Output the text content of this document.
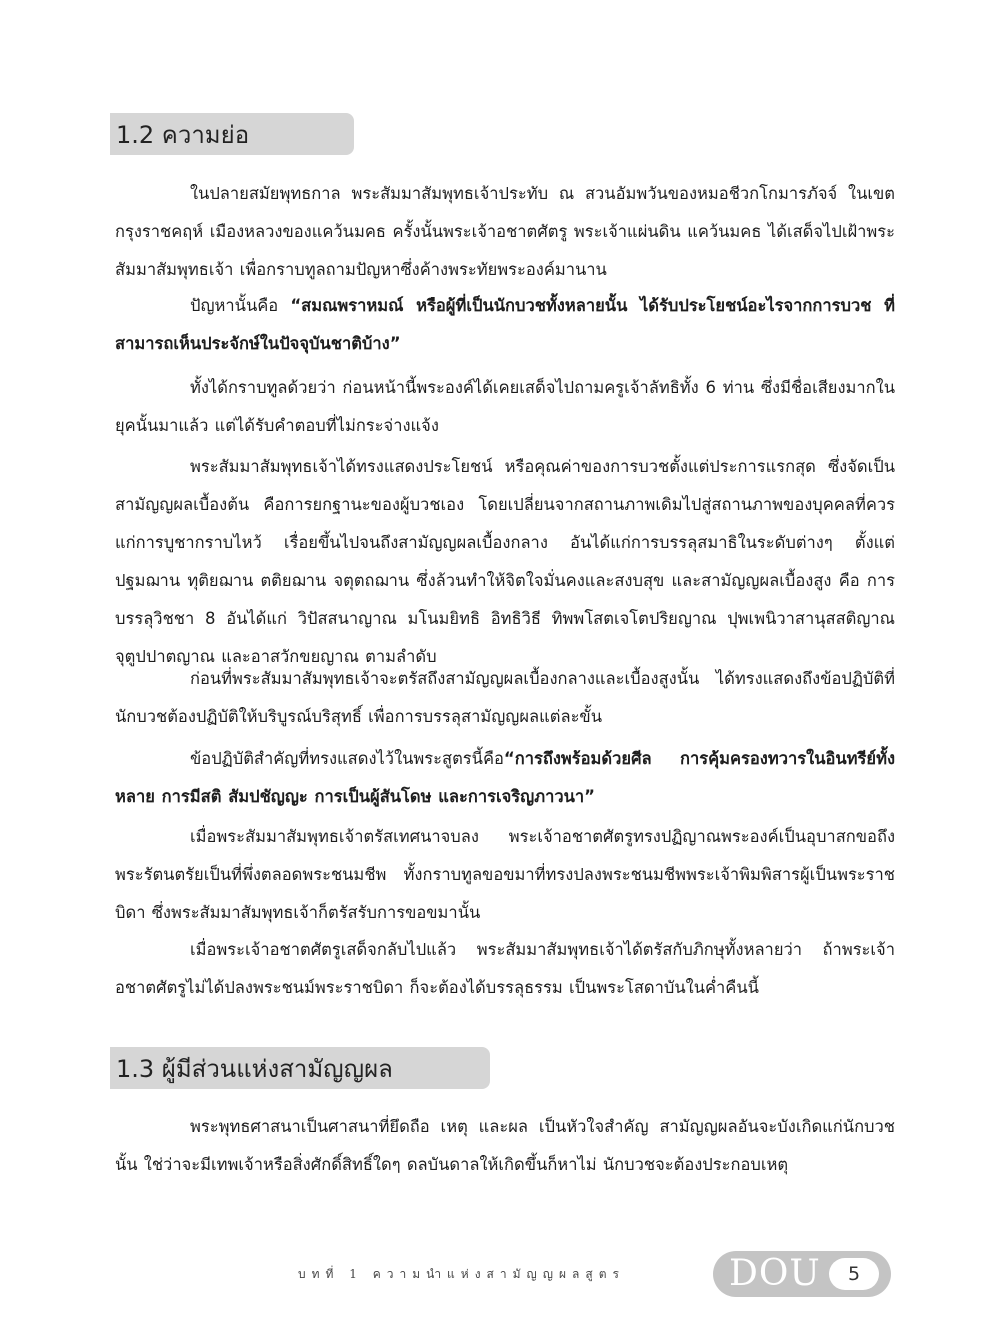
1.2 ความย่อ

ในปลายสมัยพุทธกาล พระสัมมาสัมพุทธเจ้าประทับ ณ สวนอัมพวันของหมอชีวกโกมารภัจจ์ ในเขตกรุงราชคฤห์ เมืองหลวงของแคว้นมคธ ครั้งนั้นพระเจ้าอชาตศัตรู พระเจ้าแผ่นดิน แคว้นมคธ ได้เสด็จไปเฝ้าพระสัมมาสัมพุทธเจ้า เพื่อกราบทูลถามปัญหาซึ่งค้างพระทัยพระองค์มานาน

ปัญหานั้นคือ “สมณพราหมณ์ หรือผู้ที่เป็นนักบวชทั้งหลายนั้น ได้รับประโยชน์อะไรจากการบวช ที่สามารถเห็นประจักษ์ในปัจจุบันชาติบ้าง”

ทั้งได้กราบทูลด้วยว่า ก่อนหน้านี้พระองค์ได้เคยเสด็จไปถามครูเจ้าลัทธิทั้ง 6 ท่าน ซึ่งมีชื่อเสียงมากในยุคนั้นมาแล้ว แต่ได้รับคำตอบที่ไม่กระจ่างแจ้ง

พระสัมมาสัมพุทธเจ้าได้ทรงแสดงประโยชน์ หรือคุณค่าของการบวชตั้งแต่ประการแรกสุด ซึ่งจัดเป็นสามัญญผลเบื้องต้น คือการยกฐานะของผู้บวชเอง โดยเปลี่ยนจากสถานภาพเดิมไปสู่สถานภาพของบุคคลที่ควรแก่การบูชากราบไหว้ เรื่อยขึ้นไปจนถึงสามัญญผลเบื้องกลาง อันได้แก่การบรรลุสมาธิในระดับต่างๆ ตั้งแต่ปฐมฌาน ทุติยฌาน ตติยฌาน จตุตถฌาน ซึ่งล้วนทำให้จิตใจมั่นคงและสงบสุข และสามัญญผลเบื้องสูง คือ การบรรลุวิชชา 8 อันได้แก่ วิปัสสนาญาณ มโนมยิทธิ อิทธิวิธี ทิพพโสตเจโตปริยญาณ ปุพเพนิวาสานุสสติญาณ จุตูปปาตญาณ และอาสวักขยญาณ ตามลำดับ

ก่อนที่พระสัมมาสัมพุทธเจ้าจะตรัสถึงสามัญญผลเบื้องกลางและเบื้องสูงนั้น ได้ทรงแสดงถึงข้อปฏิบัติที่นักบวชต้องปฏิบัติให้บริบูรณ์บริสุทธิ์ เพื่อการบรรลุสามัญญผลแต่ละขั้น

ข้อปฏิบัติสำคัญที่ทรงแสดงไว้ในพระสูตรนี้คือ“การถึงพร้อมด้วยศีล การคุ้มครองทวารในอินทรีย์ทั้งหลาย การมีสติ สัมปชัญญะ การเป็นผู้สันโดษ และการเจริญภาวนา”

เมื่อพระสัมมาสัมพุทธเจ้าตรัสเทศนาจบลง พระเจ้าอชาตศัตรูทรงปฏิญาณพระองค์เป็นอุบาสกขอถึงพระรัตนตรัยเป็นที่พึ่งตลอดพระชนมชีพ ทั้งกราบทูลขอขมาที่ทรงปลงพระชนมชีพพระเจ้าพิมพิสารผู้เป็นพระราชบิดา ซึ่งพระสัมมาสัมพุทธเจ้าก็ตรัสรับการขอขมานั้น

เมื่อพระเจ้าอชาตศัตรูเสด็จกลับไปแล้ว พระสัมมาสัมพุทธเจ้าได้ตรัสกับภิกษุทั้งหลายว่า ถ้าพระเจ้าอชาตศัตรูไม่ได้ปลงพระชนม์พระราชบิดา ก็จะต้องได้บรรลุธรรม เป็นพระโสดาบันในค่ำคืนนี้

1.3 ผู้มีส่วนแห่งสามัญญผล

พระพุทธศาสนาเป็นศาสนาที่ยึดถือ เหตุ และผล เป็นหัวใจสำคัญ สามัญญผลอันจะบังเกิดแก่นักบวชนั้น ใช่ว่าจะมีเทพเจ้าหรือสิ่งศักดิ์สิทธิ์ใดๆ ดลบันดาลให้เกิดขึ้นก็หาไม่ นักบวชจะต้องประกอบเหตุ

บทที่ 1 ความนำแห่งสามัญญผลสูตร	DOU	5
